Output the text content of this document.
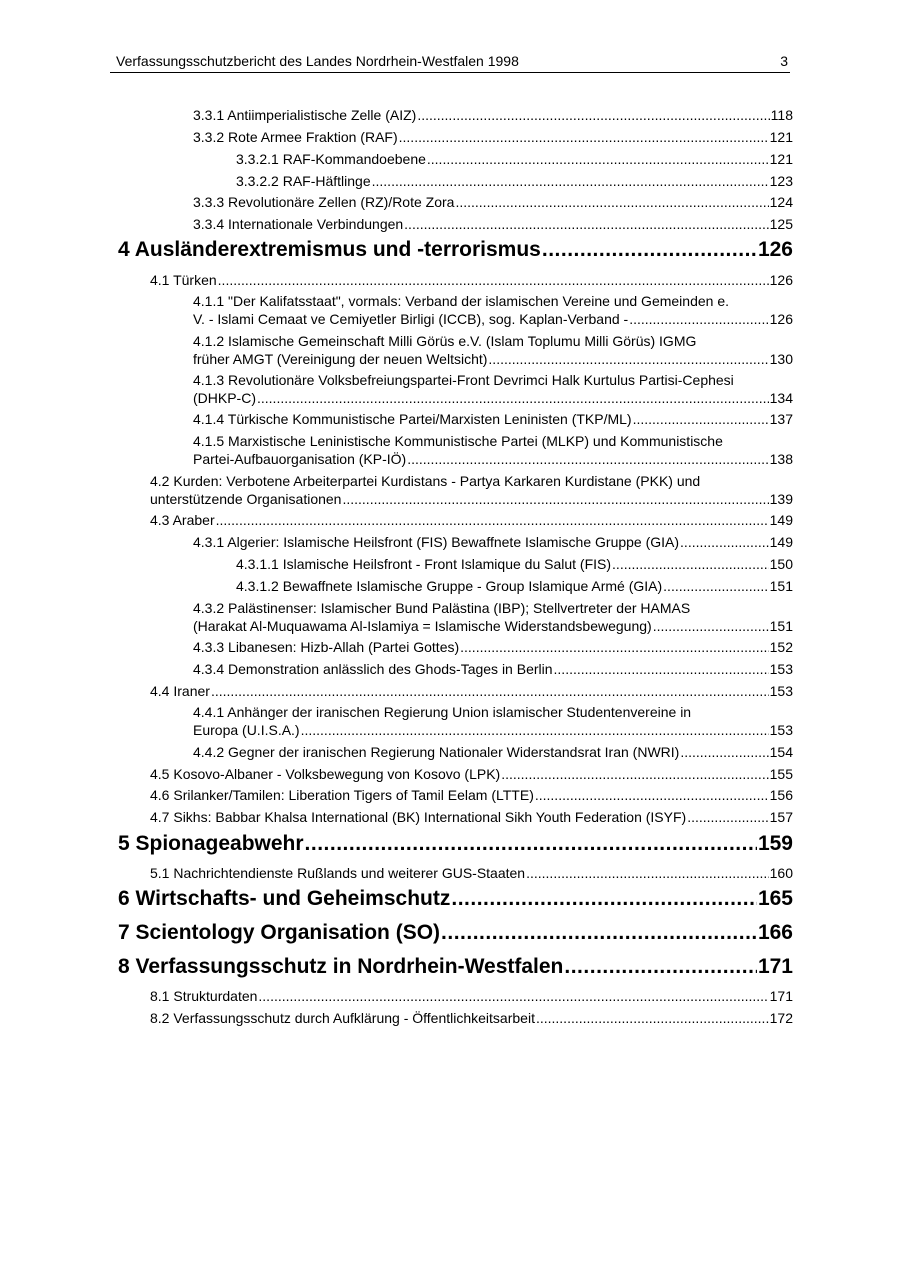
Verfassungsschutzbericht des Landes Nordrhein-Westfalen 1998	3
3.3.1 Antiimperialistische Zelle (AIZ) .....	118
3.3.2 Rote Armee Fraktion (RAF) .....	121
3.3.2.1 RAF-Kommandoebene .....	121
3.3.2.2 RAF-Häftlinge .....	123
3.3.3 Revolutionäre Zellen (RZ)/Rote Zora .....	124
3.3.4 Internationale Verbindungen .....	125
4 Ausländerextremismus und -terrorismus .....	126
4.1 Türken .....	126
4.1.1 "Der Kalifatsstaat", vormals: Verband der islamischen Vereine und Gemeinden e.
V. - Islami Cemaat ve Cemiyetler Birligi (ICCB), sog. Kaplan-Verband - .....	126
4.1.2 Islamische Gemeinschaft Milli Görüs e.V. (Islam Toplumu Milli Görüs) IGMG
früher AMGT (Vereinigung der neuen Weltsicht) .....	130
4.1.3 Revolutionäre Volksbefreiungspartei-Front Devrimci Halk Kurtulus Partisi-Cephesi
(DHKP-C) .....	134
4.1.4 Türkische Kommunistische Partei/Marxisten Leninisten (TKP/ML) .....	137
4.1.5 Marxistische Leninistische Kommunistische Partei (MLKP) und Kommunistische
Partei-Aufbauorganisation (KP-IÖ) .....	138
4.2 Kurden: Verbotene Arbeiterpartei Kurdistans - Partya Karkaren Kurdistane (PKK) und
unterstützende Organisationen .....	139
4.3 Araber .....	149
4.3.1 Algerier: Islamische Heilsfront (FIS) Bewaffnete Islamische Gruppe (GIA) .....	149
4.3.1.1 Islamische Heilsfront - Front Islamique du Salut (FIS) .....	150
4.3.1.2 Bewaffnete Islamische Gruppe - Group Islamique Armé (GIA) .....	151
4.3.2 Palästinenser: Islamischer Bund Palästina (IBP); Stellvertreter der HAMAS
(Harakat Al-Muquawama Al-Islamiya = Islamische Widerstandsbewegung) .....	151
4.3.3 Libanesen: Hizb-Allah (Partei Gottes) .....	152
4.3.4 Demonstration anlässlich des Ghods-Tages in Berlin .....	153
4.4 Iraner .....	153
4.4.1 Anhänger der iranischen Regierung Union islamischer Studentenvereine in
Europa (U.I.S.A.) .....	153
4.4.2 Gegner der iranischen Regierung Nationaler Widerstandsrat Iran (NWRI) .....	154
4.5 Kosovo-Albaner - Volksbewegung von Kosovo (LPK) .....	155
4.6 Srilanker/Tamilen: Liberation Tigers of Tamil Eelam (LTTE) .....	156
4.7 Sikhs: Babbar Khalsa International (BK) International Sikh Youth Federation (ISYF) .....	157
5 Spionageabwehr .....	159
5.1 Nachrichtendienste Rußlands und weiterer GUS-Staaten .....	160
6 Wirtschafts- und Geheimschutz .....	165
7 Scientology Organisation (SO) .....	166
8 Verfassungsschutz in Nordrhein-Westfalen .....	171
8.1 Strukturdaten .....	171
8.2 Verfassungsschutz durch Aufklärung - Öffentlichkeitsarbeit .....	172
